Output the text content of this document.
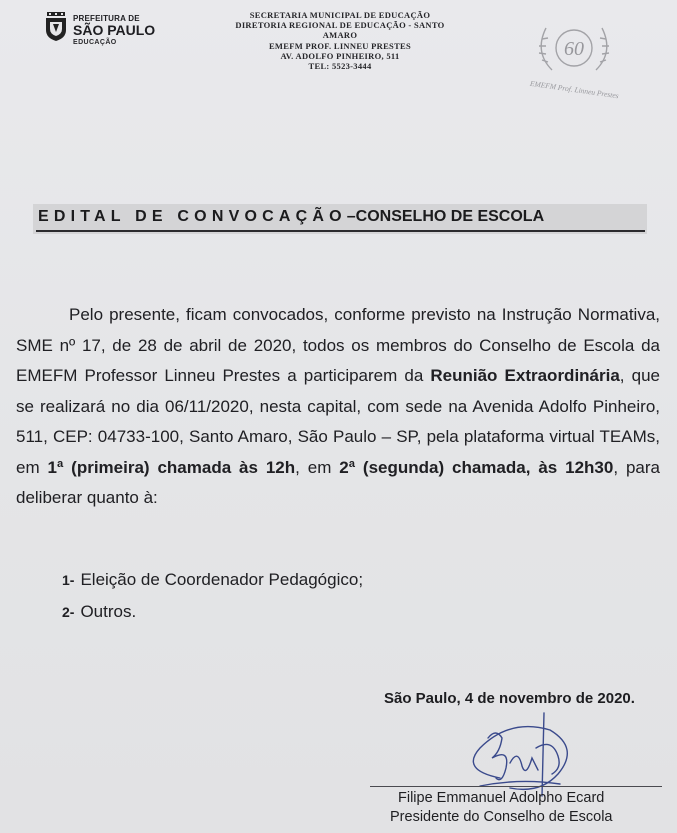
PREFEITURA DE
SÃO PAULO
EDUCAÇÃO
SECRETARIA MUNICIPAL DE EDUCAÇÃO
DIRETORIA REGIONAL DE EDUCAÇÃO - SANTO
AMARO
EMEFM PROF. LINNEU PRESTES
AV. ADOLFO PINHEIRO, 511
TEL: 5523-3444
60
EMEFM Prof. Linneu Prestes
EDITAL DE CONVOCAÇÃO–CONSELHO DE ESCOLA

Pelo presente, ficam convocados, conforme previsto na Instrução Normativa, SME nº 17, de 28 de abril de 2020, todos os membros do Conselho de Escola da EMEFM Professor Linneu Prestes a participarem da Reunião Extraordinária, que se realizará no dia 06/11/2020, nesta capital, com sede na Avenida Adolfo Pinheiro, 511, CEP: 04733-100, Santo Amaro, São Paulo – SP, pela plataforma virtual TEAMs, em 1ª (primeira) chamada às 12h, em 2ª (segunda) chamada, às 12h30, para deliberar quanto à:

1- Eleição de Coordenador Pedagógico;
2- Outros.
São Paulo, 4 de novembro de 2020.
Filipe Emmanuel Adolpho Ecard
Presidente do Conselho de Escola
